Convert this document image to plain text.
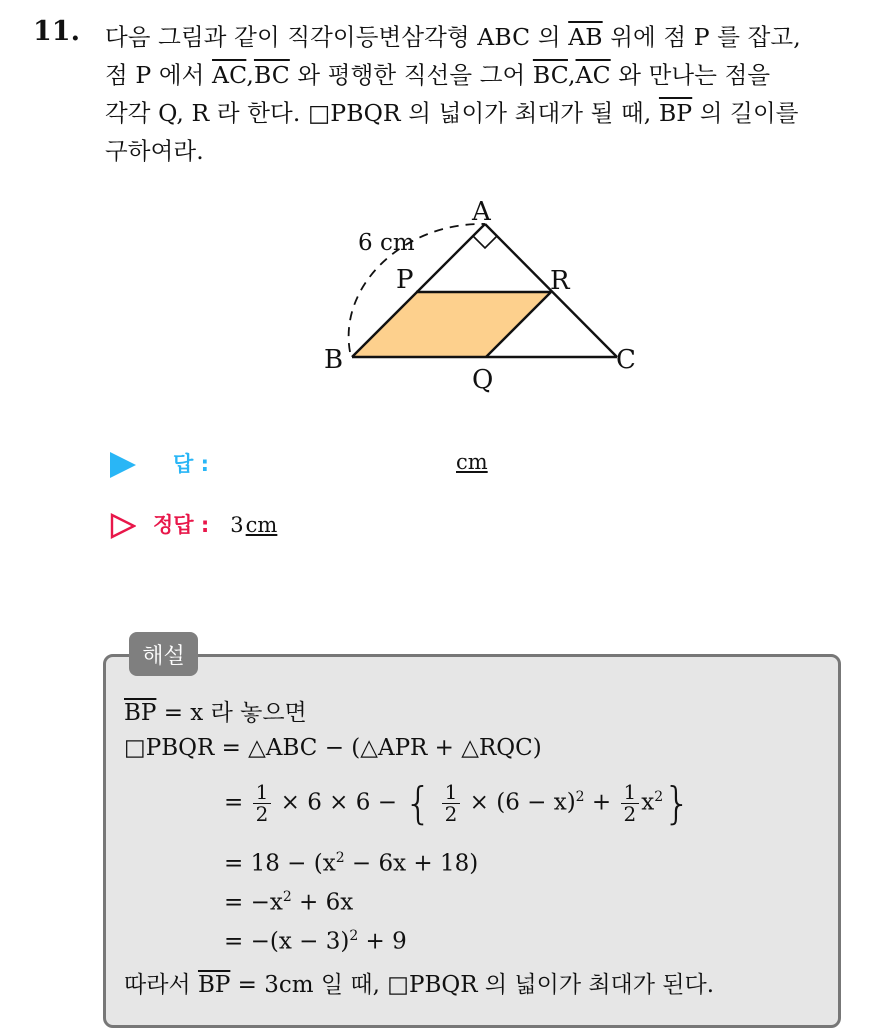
11. 다음 그림과 같이 직각이등변삼각형 ABC 의 $\overline{AB}$ 위에 점 P 를 잡고,
점 P 에서 $\overline{AC},\overline{BC}$ 와 평행한 직선을 그어 $\overline{BC},\overline{AC}$ 와 만나는 점을
각각 Q, R 라 한다. □PBQR 의 넓이가 최대가 될 때, $\overline{BP}$ 의 길이를
구하여라.
A
B	C
P
Q
R
6 cm
답 :	cm
정답 : 3cm
해설
$\overline{BP} = x$ 라 놓으면
□PBQR = △ABC − (△APR + △RQC)
= $\frac{1}{2} \times 6 \times 6$ − { $\frac{1}{2} \times (6 - x)^2 + \frac{1}{2} x^2$}
= $18 - (x^2 - 6x + 18)$
= $-x^2 + 6x$
= $-(x - 3)^2 + 9$
따라서 $\overline{BP} = 3cm$ 일 때, □PBQR 의 넓이가 최대가 된다.
